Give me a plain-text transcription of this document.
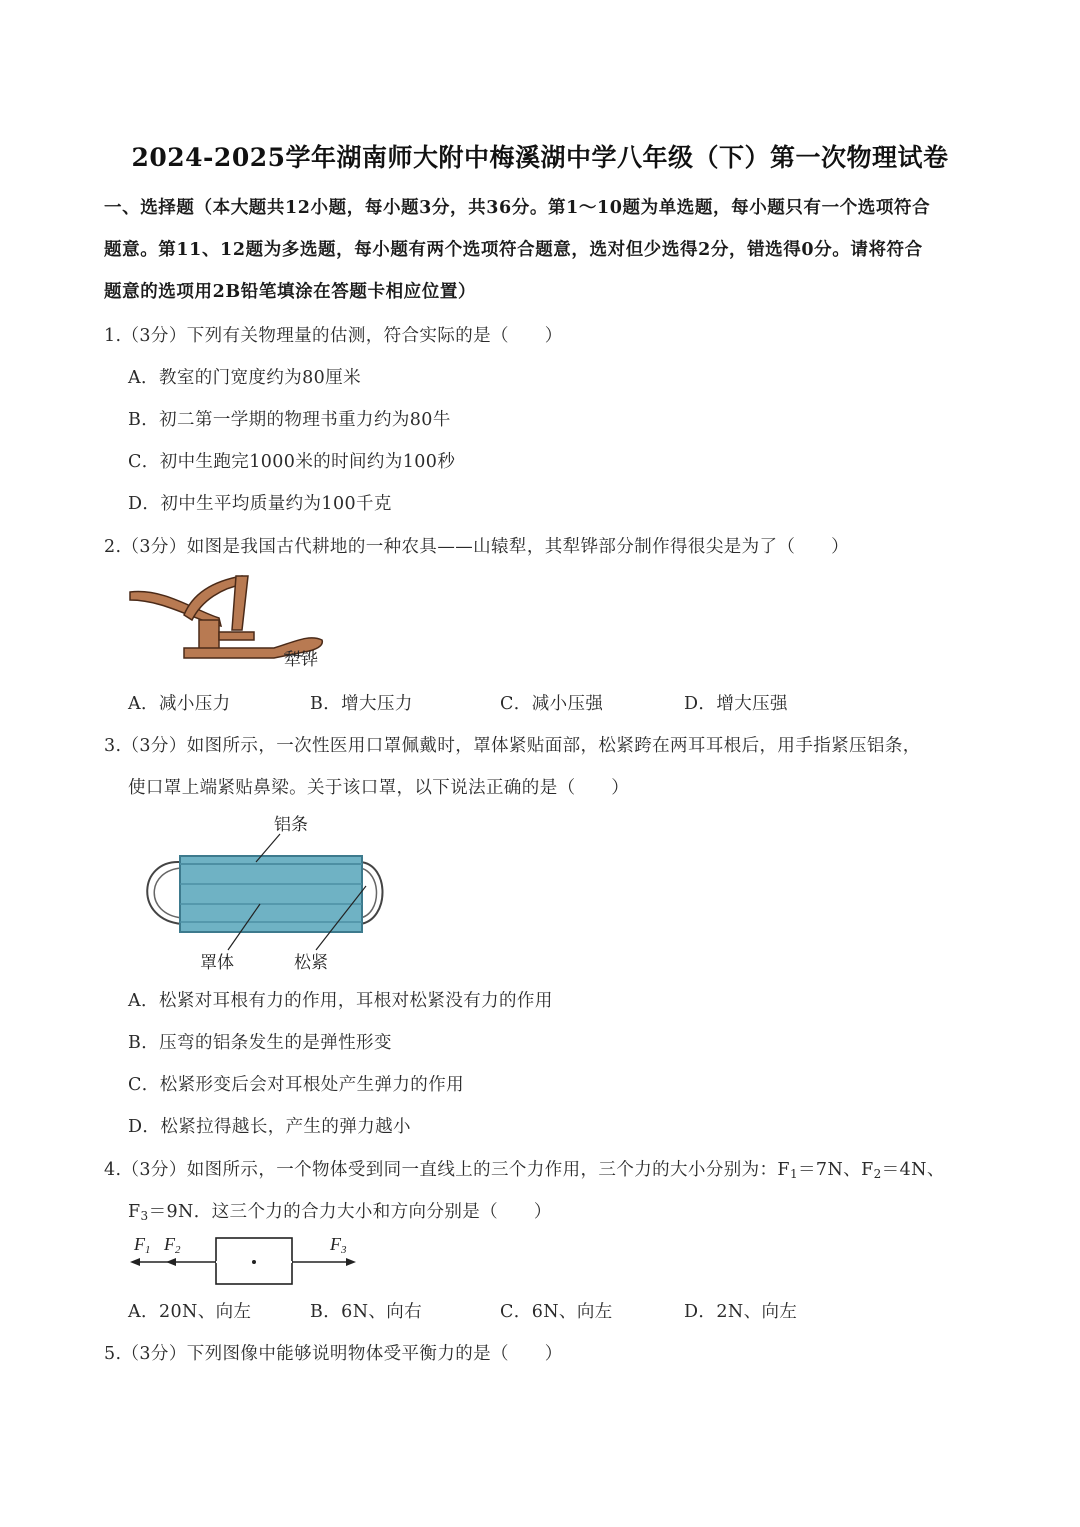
2024-2025学年湖南师大附中梅溪湖中学八年级（下）第一次物理试卷
一、选择题（本大题共12小题，每小题3分，共36分。第1～10题为单选题，每小题只有一个选项符合
题意。第11、12题为多选题，每小题有两个选项符合题意，选对但少选得2分，错选得0分。请将符合
题意的选项用2B铅笔填涂在答题卡相应位置）
1.（3分）下列有关物理量的估测，符合实际的是（　　）
A．教室的门宽度约为80厘米
B．初二第一学期的物理书重力约为80牛
C．初中生跑完1000米的时间约为100秒
D．初中生平均质量约为100千克
2.（3分）如图是我国古代耕地的一种农具——山辕犁，其犁铧部分制作得很尖是为了（　　）
犁铧
A．减小压力	B．增大压力	C．减小压强	D．增大压强
3.（3分）如图所示，一次性医用口罩佩戴时，罩体紧贴面部，松紧跨在两耳耳根后，用手指紧压铝条，
使口罩上端紧贴鼻梁。关于该口罩，以下说法正确的是（　　）
铝条
罩体	松紧
A．松紧对耳根有力的作用，耳根对松紧没有力的作用
B．压弯的铝条发生的是弹性形变
C．松紧形变后会对耳根处产生弹力的作用
D．松紧拉得越长，产生的弹力越小
4.（3分）如图所示，一个物体受到同一直线上的三个力作用，三个力的大小分别为：$F_1=7N$、$F_2=4N$、
$F_3=9N$．这三个力的合力大小和方向分别是（　　）
F1 F2	F3
A．20N、向左	B．6N、向右	C．6N、向左	D．2N、向左
5.（3分）下列图像中能够说明物体受平衡力的是（　　）
